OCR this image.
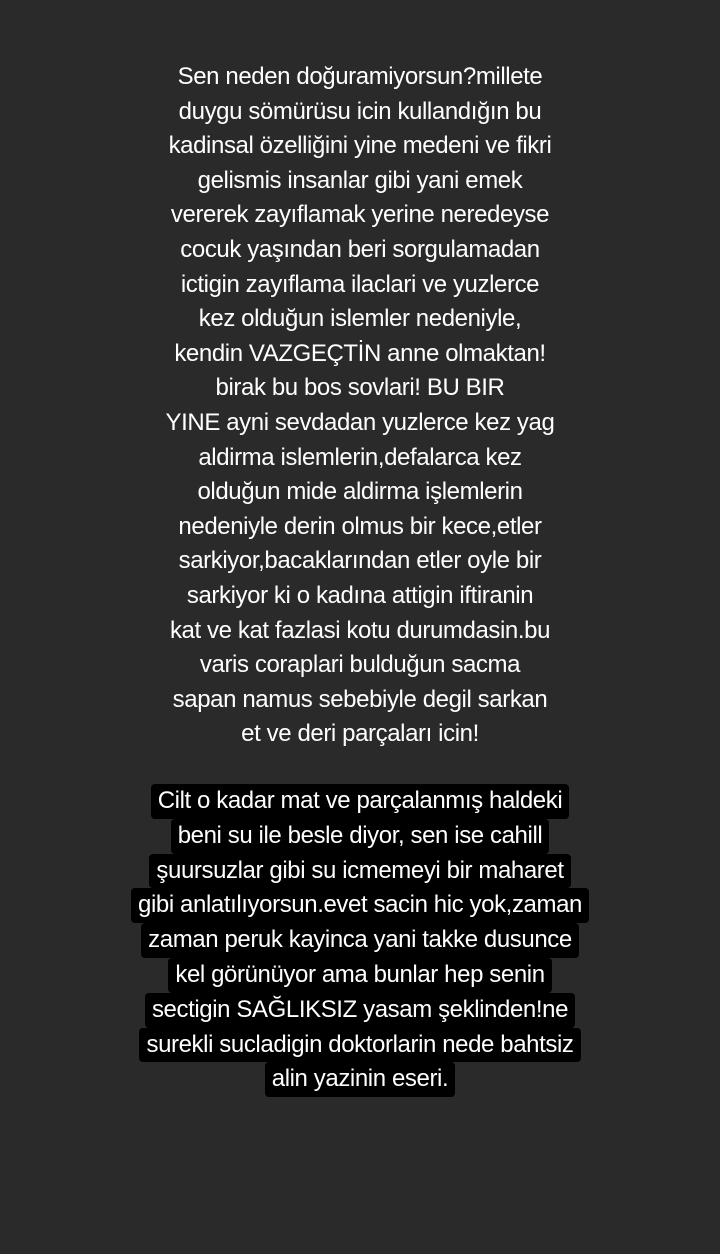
Sen neden doğuramiyorsun?millete
duygu sömürüsu icin kullandığın bu
kadinsal özelliğini yine medeni ve fikri
gelismis insanlar gibi yani emek
vererek zayıflamak yerine neredeyse
cocuk yaşından beri sorgulamadan
ictigin zayıflama ilaclari ve yuzlerce
kez olduğun islemler nedeniyle,
kendin VAZGEÇTİN anne olmaktan!
birak bu bos sovlari! BU BIR
YINE ayni sevdadan yuzlerce kez yag
aldirma islemlerin,defalarca kez
olduğun mide aldirma işlemlerin
nedeniyle derin olmus bir kece,etler
sarkiyor,bacaklarından etler oyle bir
sarkiyor ki o kadına attigin iftiranin
kat ve kat fazlasi kotu durumdasin.bu
varis coraplari bulduğun sacma
sapan namus sebebiyle degil sarkan
et ve deri parçaları icin!
Cilt o kadar mat ve parçalanmış haldeki
beni su ile besle diyor, sen ise cahill
şuursuzlar gibi su icmemeyi bir maharet
gibi anlatılıyorsun.evet sacin hic yok,zaman
zaman peruk kayinca yani takke dusunce
kel görünüyor ama bunlar hep senin
sectigin SAĞLIKSIZ yasam şeklinden!ne
surekli sucladigin doktorlarin nede bahtsiz
alin yazinin eseri.
